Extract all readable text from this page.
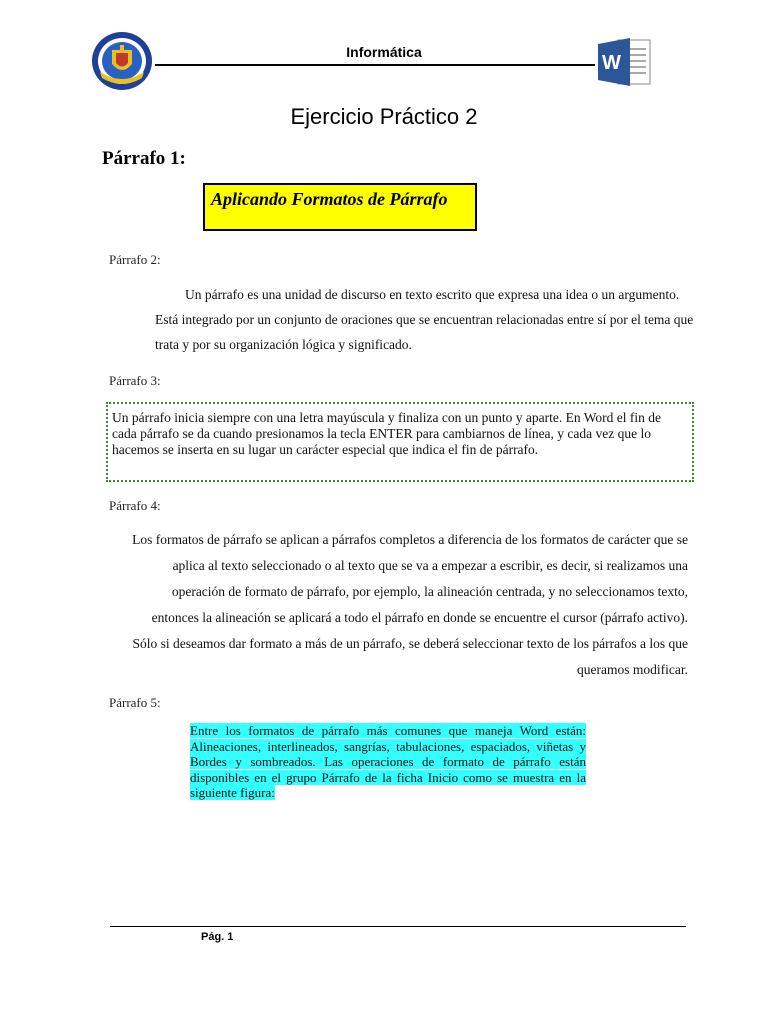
Informática	W
Ejercicio Práctico 2
Párrafo 1:
Aplicando Formatos de Párrafo
Párrafo 2:
Un párrafo es una unidad de discurso en texto escrito que expresa una idea o un argumento. Está integrado por un conjunto de oraciones que se encuentran relacionadas entre sí por el tema que trata y por su organización lógica y significado.
Párrafo 3:
Un párrafo inicia siempre con una letra mayúscula y finaliza con un punto y aparte. En Word el fin de cada párrafo se da cuando presionamos la tecla ENTER para cambiarnos de línea, y cada vez que lo hacemos se inserta en su lugar un carácter especial que indica el fin de párrafo.
Párrafo 4:
Los formatos de párrafo se aplican a párrafos completos a diferencia de los formatos de carácter que se aplica al texto seleccionado o al texto que se va a empezar a escribir, es decir, si realizamos una operación de formato de párrafo, por ejemplo, la alineación centrada, y no seleccionamos texto, entonces la alineación se aplicará a todo el párrafo en donde se encuentre el cursor (párrafo activo). Sólo si deseamos dar formato a más de un párrafo, se deberá seleccionar texto de los párrafos a los que queramos modificar.
Párrafo 5:
Entre los formatos de párrafo más comunes que maneja Word están: Alineaciones, interlineados, sangrías, tabulaciones, espaciados, viñetas y Bordes y sombreados. Las operaciones de formato de párrafo están disponibles en el grupo Párrafo de la ficha Inicio como se muestra en la siguiente figura:
Pág. 1
